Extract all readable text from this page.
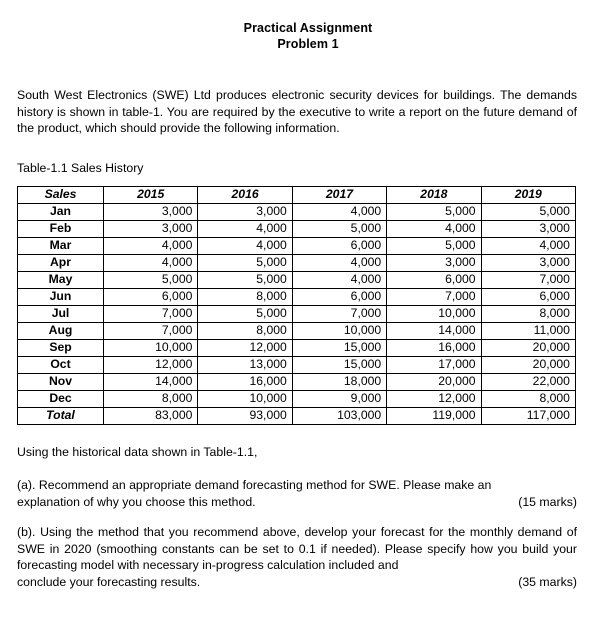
Practical Assignment
Problem 1
South West Electronics (SWE) Ltd produces electronic security devices for buildings. The demands history is shown in table-1. You are required by the executive to write a report on the future demand of the product, which should provide the following information.
Table-1.1 Sales History
Sales	2015	2016	2017	2018	2019
Jan	3,000	3,000	4,000	5,000	5,000
Feb	3,000	4,000	5,000	4,000	3,000
Mar	4,000	4,000	6,000	5,000	4,000
Apr	4,000	5,000	4,000	3,000	3,000
May	5,000	5,000	4,000	6,000	7,000
Jun	6,000	8,000	6,000	7,000	6,000
Jul	7,000	5,000	7,000	10,000	8,000
Aug	7,000	8,000	10,000	14,000	11,000
Sep	10,000	12,000	15,000	16,000	20,000
Oct	12,000	13,000	15,000	17,000	20,000
Nov	14,000	16,000	18,000	20,000	22,000
Dec	8,000	10,000	9,000	12,000	8,000
Total	83,000	93,000	103,000	119,000	117,000
Using the historical data shown in Table-1.1,
(a). Recommend an appropriate demand forecasting method for SWE. Please make an
explanation of why you choose this method.	(15 marks)
(b). Using the method that you recommend above, develop your forecast for the monthly demand of SWE in 2020 (smoothing constants can be set to 0.1 if needed). Please specify how you build your forecasting model with necessary in-progress calculation included and
conclude your forecasting results.	(35 marks)
